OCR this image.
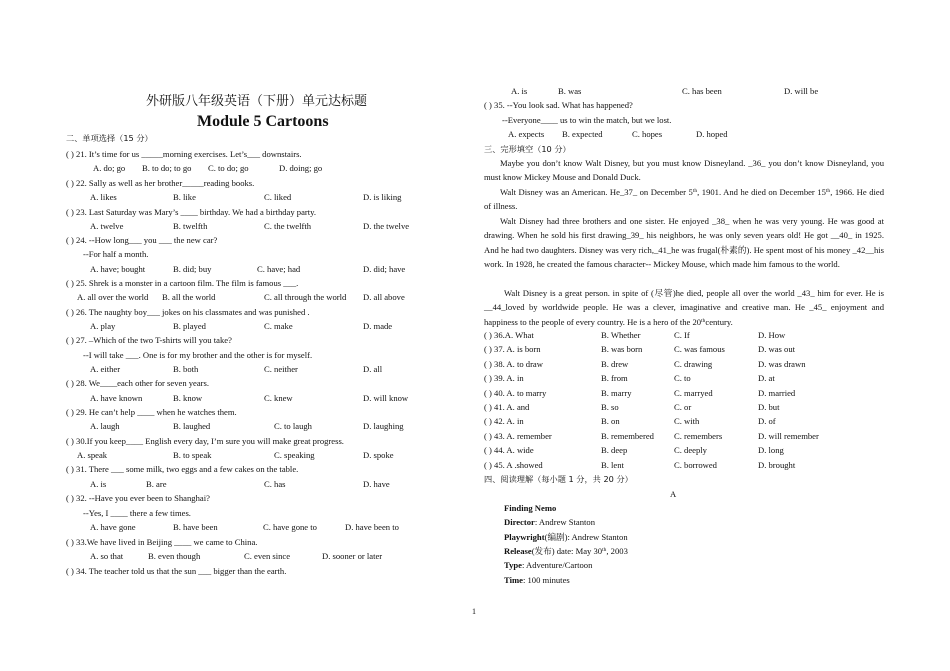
外研版八年级英语（下册）单元达标题
Module 5 Cartoons
二、单项选择（15 分）
( ) 21. It’s time for us _____morning exercises. Let’s___ downstairs.
A. do; go B. to do; to go C. to do; go	D. doing; go
( ) 22. Sally as well as her brother_____reading books.
A. likes	B. like	C. liked	D. is liking
( ) 23. Last Saturday was Mary’s ____ birthday. We had a birthday party.
A. twelve	B. twelfth	C. the twelfth	D. the twelve
( ) 24. --How long___ you ___ the new car?
--For half a month.
A. have; bought	B. did; buy	C. have; had	D. did; have
( ) 25. Shrek is a monster in a cartoon film. The film is famous ___.
A. all over the world B. all the world	C. all through the world D. all above
( ) 26. The naughty boy___ jokes on his classmates and was punished .
A. play	B. played	C. make	D. made
( ) 27. –Which of the two T-shirts will you take?
--I will take ___. One is for my brother and the other is for myself.
A. either	B. both	C. neither	D. all
( ) 28. We____each other for seven years.
A. have known	B. know	C. knew	D. will know
( ) 29. He can’t help ____ when he watches them.
A. laugh	B. laughed	C. to laugh	D. laughing
( ) 30.If you keep____ English every day, I’m sure you will make great progress.
A. speak	B. to speak	C. speaking	D. spoke
( ) 31. There ___ some milk, two eggs and a few cakes on the table.
A. is	B. are	C. has	D. have
( ) 32. --Have you ever been to Shanghai?
--Yes, I ____ there a few times.
A. have gone	B. have been	C. have gone to	D. have been to
( ) 33.We have lived in Beijing ____ we came to China.
A. so that	B. even though	C. even since	D. sooner or later
( ) 34. The teacher told us that the sun ___ bigger than the earth.
A. is	B. was	C. has been	D. will be
( ) 35. --You look sad. What has happened?
--Everyone____ us to win the match, but we lost.
A. expects B. expected	C. hopes	D. hoped
三、完形填空（10 分）

Maybe you don’t know Walt Disney, but you must know Disneyland. _36_ you don’t know Disneyland, you must know Mickey Mouse and Donald Duck.

Walt Disney was an American. He_37_ on December 5th, 1901. And he died on December 15th, 1966. He died of illness.

Walt Disney had three brothers and one sister. He enjoyed _38_ when he was very young. He was good at drawing. When he sold his first drawing_39_ his neighbors, he was only seven years old! He got __40_ in 1925. And he had two daughters. Disney was very rich,_41_he was frugal(朴素的). He spent most of his money _42__his work. In 1928, he created the famous character-- Mickey Mouse, which made him famous to the world.

Walt Disney is a great person. in spite of (尽管)he died, people all over the world _43_ him for ever. He is __44_loved by worldwide people. He was a clever, imaginative and creative man. He _45_ enjoyment and happiness to the people of every country. He is a hero of the 20thcentury.

( ) 36.A. What	B. Whether	C. If	D. How
( ) 37. A. is born	B. was born	C. was famous	D. was out
( ) 38. A. to draw	B. drew	C. drawing	D. was drawn
( ) 39. A. in	B. from	C. to	D. at
( ) 40. A. to marry	B. marry	C. marryed	D. married
( ) 41. A. and	B. so	C. or	D. but
( ) 42. A. in	B. on	C. with	D. of
( ) 43. A. remember	B. remembered C. remembers	D. will remember
( ) 44. A. wide	B. deep	C. deeply	D. long
( ) 45. A .showed	B. lent	C. borrowed	D. brought
四、阅读理解（每小题 1 分，共 20 分）
A
Finding Nemo
Director: Andrew Stanton
Playwright(编剧): Andrew Stanton
Release(发布) date: May 30th, 2003
Type: Adventure/Cartoon
Time: 100 minutes
1
